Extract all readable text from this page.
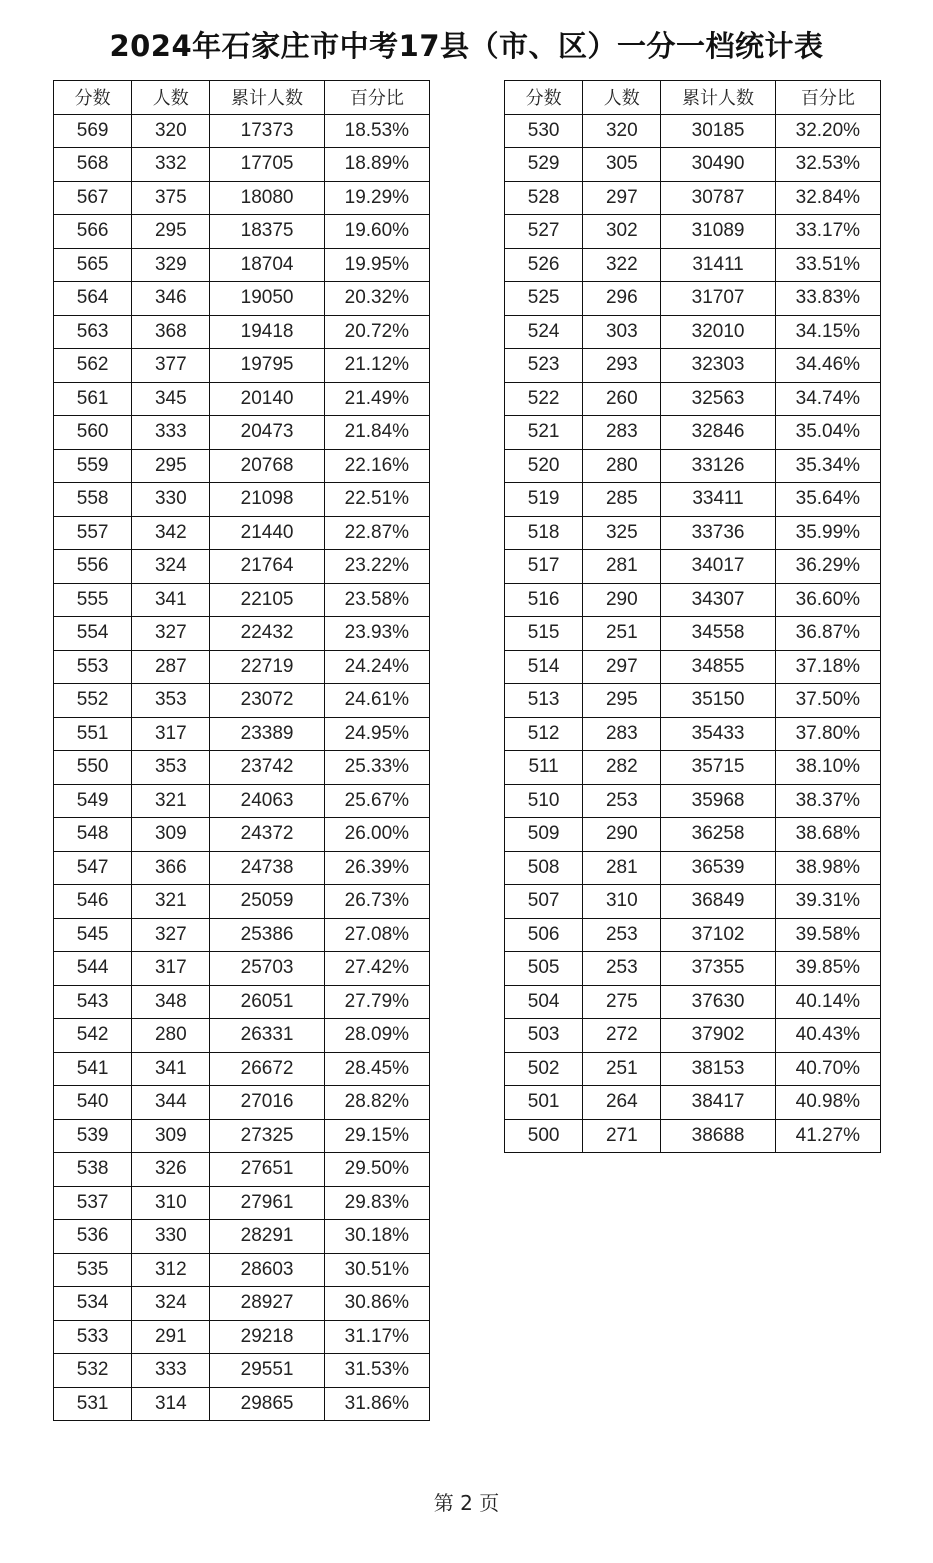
2024年石家庄市中考17县（市、区）一分一档统计表
分数	人数	累计人数	百分比
569	320	17373	18.53%
568	332	17705	18.89%
567	375	18080	19.29%
566	295	18375	19.60%
565	329	18704	19.95%
564	346	19050	20.32%
563	368	19418	20.72%
562	377	19795	21.12%
561	345	20140	21.49%
560	333	20473	21.84%
559	295	20768	22.16%
558	330	21098	22.51%
557	342	21440	22.87%
556	324	21764	23.22%
555	341	22105	23.58%
554	327	22432	23.93%
553	287	22719	24.24%
552	353	23072	24.61%
551	317	23389	24.95%
550	353	23742	25.33%
549	321	24063	25.67%
548	309	24372	26.00%
547	366	24738	26.39%
546	321	25059	26.73%
545	327	25386	27.08%
544	317	25703	27.42%
543	348	26051	27.79%
542	280	26331	28.09%
541	341	26672	28.45%
540	344	27016	28.82%
539	309	27325	29.15%
538	326	27651	29.50%
537	310	27961	29.83%
536	330	28291	30.18%
535	312	28603	30.51%
534	324	28927	30.86%
533	291	29218	31.17%
532	333	29551	31.53%
531	314	29865	31.86%
分数	人数	累计人数	百分比
530	320	30185	32.20%
529	305	30490	32.53%
528	297	30787	32.84%
527	302	31089	33.17%
526	322	31411	33.51%
525	296	31707	33.83%
524	303	32010	34.15%
523	293	32303	34.46%
522	260	32563	34.74%
521	283	32846	35.04%
520	280	33126	35.34%
519	285	33411	35.64%
518	325	33736	35.99%
517	281	34017	36.29%
516	290	34307	36.60%
515	251	34558	36.87%
514	297	34855	37.18%
513	295	35150	37.50%
512	283	35433	37.80%
511	282	35715	38.10%
510	253	35968	38.37%
509	290	36258	38.68%
508	281	36539	38.98%
507	310	36849	39.31%
506	253	37102	39.58%
505	253	37355	39.85%
504	275	37630	40.14%
503	272	37902	40.43%
502	251	38153	40.70%
501	264	38417	40.98%
500	271	38688	41.27%
第 2 页
